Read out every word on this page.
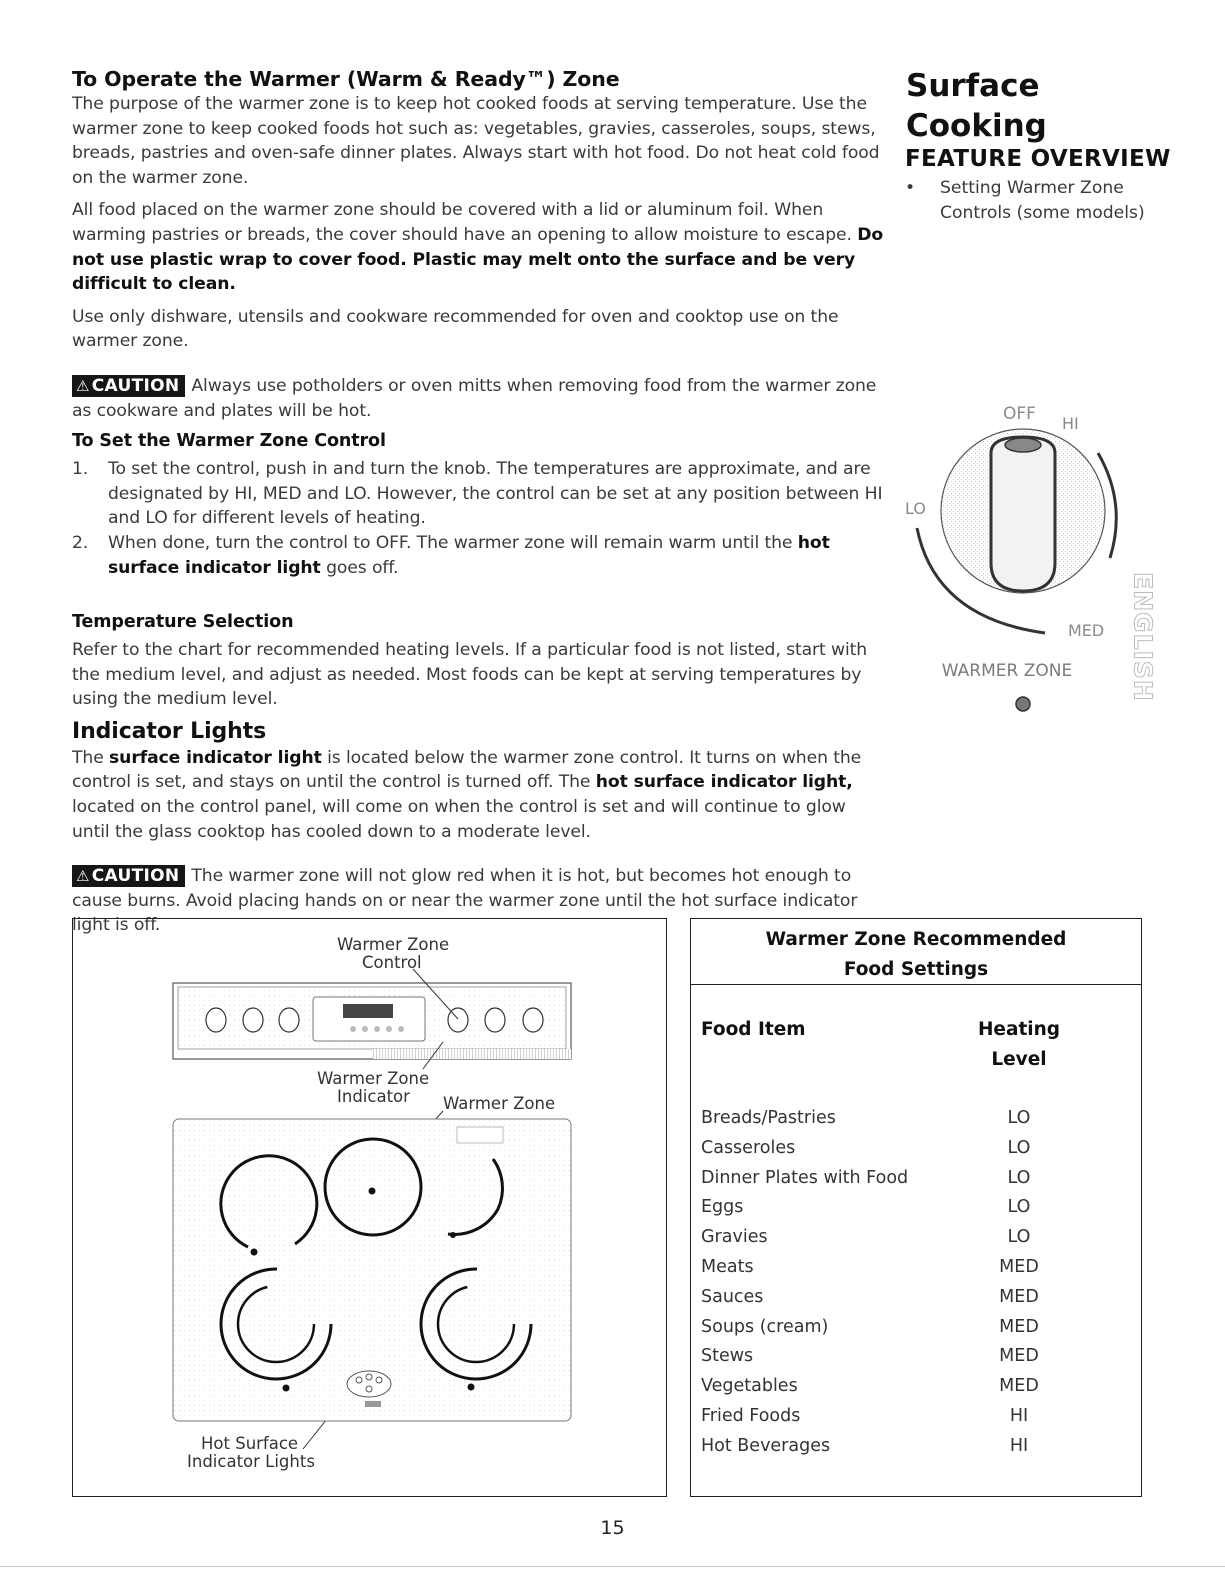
To Operate the Warmer (Warm & Ready™) Zone

The purpose of the warmer zone is to keep hot cooked foods at serving temperature. Use the warmer zone to keep cooked foods hot such as: vegetables, gravies, casseroles, soups, stews, breads, pastries and oven-safe dinner plates. Always start with hot food. Do not heat cold food on the warmer zone.

All food placed on the warmer zone should be covered with a lid or aluminum foil. When warming pastries or breads, the cover should have an opening to allow moisture to escape. Do not use plastic wrap to cover food. Plastic may melt onto the surface and be very difficult to clean.

Use only dishware, utensils and cookware recommended for oven and cooktop use on the warmer zone.

⚠ CAUTION Always use potholders or oven mitts when removing food from the warmer zone as cookware and plates will be hot.

To Set the Warmer Zone Control
1. To set the control, push in and turn the knob. The temperatures are approximate, and are designated by HI, MED and LO. However, the control can be set at any position between HI and LO for different levels of heating.
2. When done, turn the control to OFF. The warmer zone will remain warm until the hot surface indicator light goes off.
Temperature Selection

Refer to the chart for recommended heating levels. If a particular food is not listed, start with the medium level, and adjust as needed. Most foods can be kept at serving temperatures by using the medium level.

Indicator Lights

The surface indicator light is located below the warmer zone control. It turns on when the control is set, and stays on until the control is turned off. The hot surface indicator light, located on the control panel, will come on when the control is set and will continue to glow until the glass cooktop has cooled down to a moderate level.

⚠ CAUTION The warmer zone will not glow red when it is hot, but becomes hot enough to cause burns. Avoid placing hands on or near the warmer zone until the hot surface indicator light is off.

Surface
Cooking
FEATURE OVERVIEW
• Setting Warmer Zone Controls (some models)
OFF HI
LO
MED
WARMER ZONE ENGLISH
Warmer Zone
Control
Warmer Zone
Indicator Warmer Zone
Hot Surface
Indicator Lights
Warmer Zone Recommended
Food Settings
Food Item	Heating
Level
Breads/Pastries	LO
Casseroles	LO
Dinner Plates with Food	LO
Eggs	LO
Gravies	LO
Meats	MED
Sauces	MED
Soups (cream)	MED
Stews	MED
Vegetables	MED
Fried Foods	HI
Hot Beverages	HI
15
